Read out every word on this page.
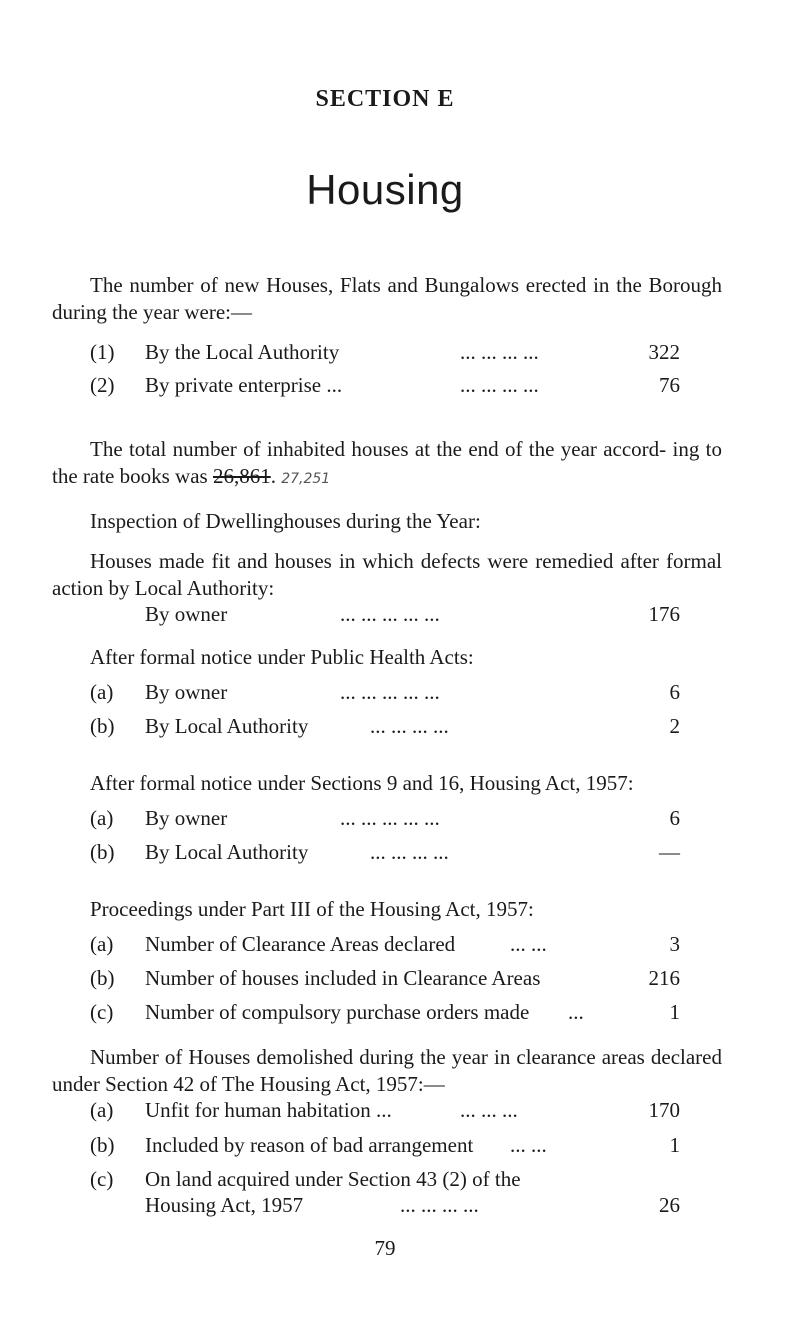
SECTION E
Housing
The number of new Houses, Flats and Bungalows erected in the Borough during the year were:—
(1) By the Local Authority	... ... ... ...	322
(2) By private enterprise ...	... ... ... ...	76
The total number of inhabited houses at the end of the year accord- ing to the rate books was 26,861. 27,251
Inspection of Dwellinghouses during the Year:
Houses made fit and houses in which defects were remedied after formal action by Local Authority:
By owner	... ... ... ... ...	176
After formal notice under Public Health Acts:
(a) By owner	... ... ... ... ...	6
(b) By Local Authority	... ... ... ...	2
After formal notice under Sections 9 and 16, Housing Act, 1957:
(a) By owner	... ... ... ... ...	6
(b) By Local Authority	... ... ... ...	—
Proceedings under Part III of the Housing Act, 1957:
(a) Number of Clearance Areas declared	... ...	3
(b) Number of houses included in Clearance Areas	216
(c) Number of compulsory purchase orders made ...	1
Number of Houses demolished during the year in clearance areas declared under Section 42 of The Housing Act, 1957:—
(a) Unfit for human habitation ...	... ... ...	170
(b) Included by reason of bad arrangement ... ...	1
(c) On land acquired under Section 43 (2) of the
Housing Act, 1957	... ... ... ...	26
79
